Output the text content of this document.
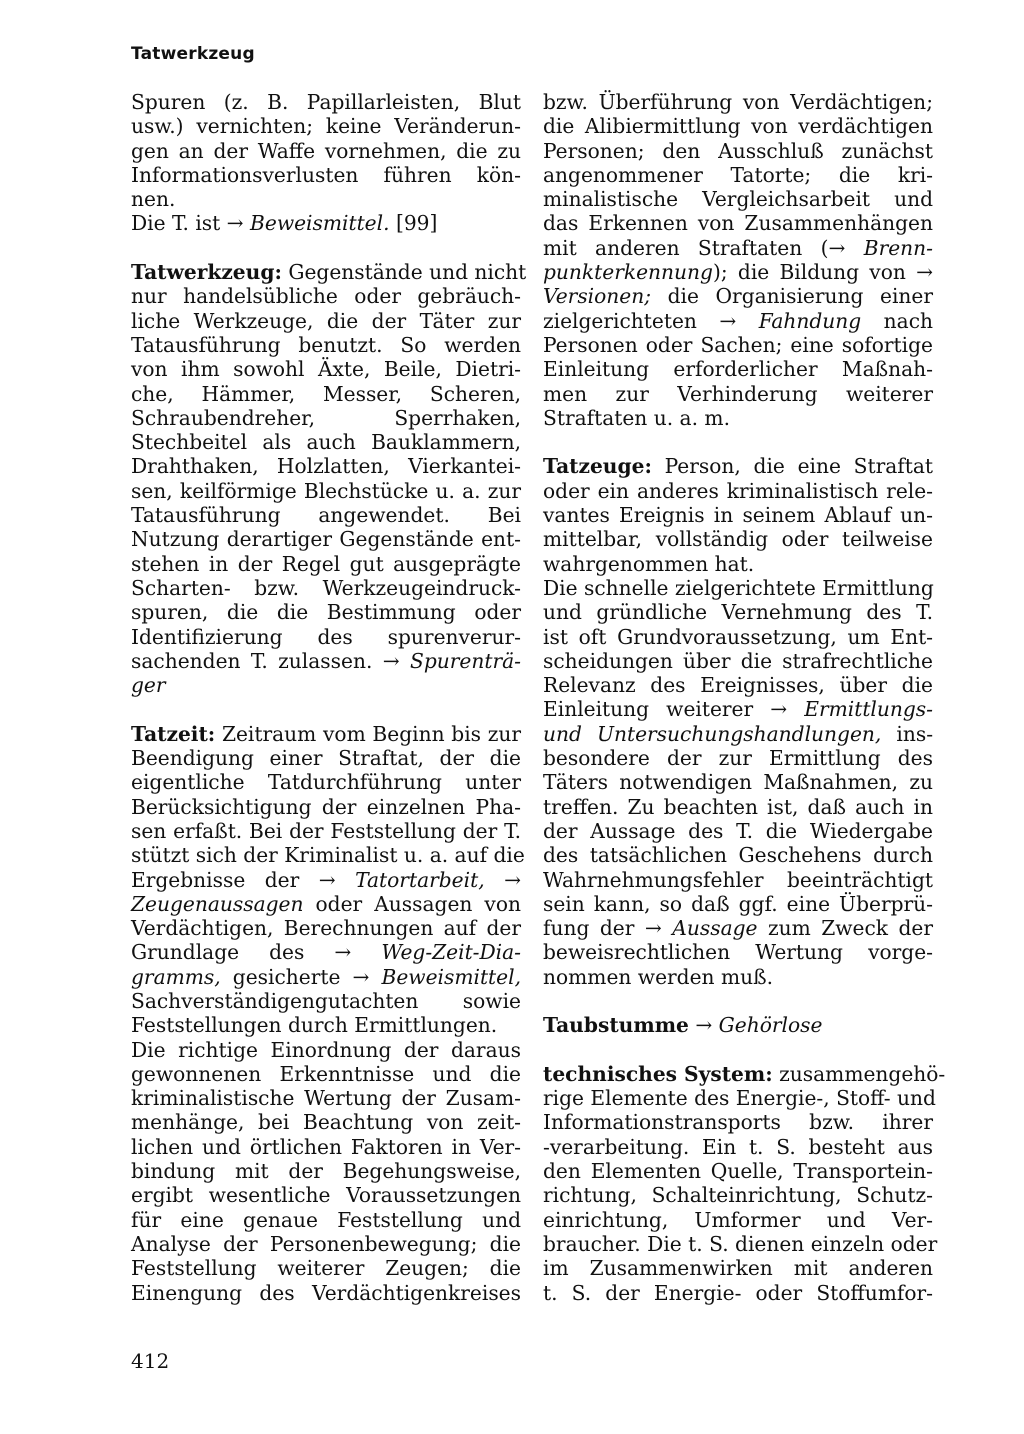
Tatwerkzeug
Spuren (z. B. Papillarleisten, Blut
usw.) vernichten; keine Veränderun-
gen an der Waffe vornehmen, die zu
Informationsverlusten führen kön-
nen.
Die T. ist → Beweismittel. [99]
Tatwerkzeug: Gegenstände und nicht
nur handelsübliche oder gebräuch-
liche Werkzeuge, die der Täter zur
Tatausführung benutzt. So werden
von ihm sowohl Äxte, Beile, Dietri-
che, Hämmer, Messer, Scheren,
Schraubendreher, Sperrhaken,
Stechbeitel als auch Bauklammern,
Drahthaken, Holzlatten, Vierkantei-
sen, keilförmige Blechstücke u. a. zur
Tatausführung angewendet. Bei
Nutzung derartiger Gegenstände ent-
stehen in der Regel gut ausgeprägte
Scharten- bzw. Werkzeugeindruck-
spuren, die die Bestimmung oder
Identifizierung des spurenverur-
sachenden T. zulassen. → Spurenträ-
ger
Tatzeit: Zeitraum vom Beginn bis zur
Beendigung einer Straftat, der die
eigentliche Tatdurchführung unter
Berücksichtigung der einzelnen Pha-
sen erfaßt. Bei der Feststellung der T.
stützt sich der Kriminalist u. a. auf die
Ergebnisse der → Tatortarbeit, →
Zeugenaussagen oder Aussagen von
Verdächtigen, Berechnungen auf der
Grundlage des → Weg-Zeit-Dia-
gramms, gesicherte → Beweismittel,
Sachverständigengutachten sowie
Feststellungen durch Ermittlungen.
Die richtige Einordnung der daraus
gewonnenen Erkenntnisse und die
kriminalistische Wertung der Zusam-
menhänge, bei Beachtung von zeit-
lichen und örtlichen Faktoren in Ver-
bindung mit der Begehungsweise,
ergibt wesentliche Voraussetzungen
für eine genaue Feststellung und
Analyse der Personenbewegung; die
Feststellung weiterer Zeugen; die
Einengung des Verdächtigenkreises
bzw. Überführung von Verdächtigen;
die Alibiermittlung von verdächtigen
Personen; den Ausschluß zunächst
angenommener Tatorte; die kri-
minalistische Vergleichsarbeit und
das Erkennen von Zusammenhängen
mit anderen Straftaten (→ Brenn-
punkterkennung); die Bildung von →
Versionen; die Organisierung einer
zielgerichteten → Fahndung nach
Personen oder Sachen; eine sofortige
Einleitung erforderlicher Maßnah-
men zur Verhinderung weiterer
Straftaten u. a. m.
Tatzeuge: Person, die eine Straftat
oder ein anderes kriminalistisch rele-
vantes Ereignis in seinem Ablauf un-
mittelbar, vollständig oder teilweise
wahrgenommen hat.
Die schnelle zielgerichtete Ermittlung
und gründliche Vernehmung des T.
ist oft Grundvoraussetzung, um Ent-
scheidungen über die strafrechtliche
Relevanz des Ereignisses, über die
Einleitung weiterer → Ermittlungs-
und Untersuchungshandlungen, ins-
besondere der zur Ermittlung des
Täters notwendigen Maßnahmen, zu
treffen. Zu beachten ist, daß auch in
der Aussage des T. die Wiedergabe
des tatsächlichen Geschehens durch
Wahrnehmungsfehler beeinträchtigt
sein kann, so daß ggf. eine Überprü-
fung der → Aussage zum Zweck der
beweisrechtlichen Wertung vorge-
nommen werden muß.
Taubstumme → Gehörlose
technisches System: zusammengehö-
rige Elemente des Energie-, Stoff- und
Informationstransports bzw. ihrer
-verarbeitung. Ein t. S. besteht aus
den Elementen Quelle, Transportein-
richtung, Schalteinrichtung, Schutz-
einrichtung, Umformer und Ver-
braucher. Die t. S. dienen einzeln oder
im Zusammenwirken mit anderen
t. S. der Energie- oder Stoffumfor-
412
